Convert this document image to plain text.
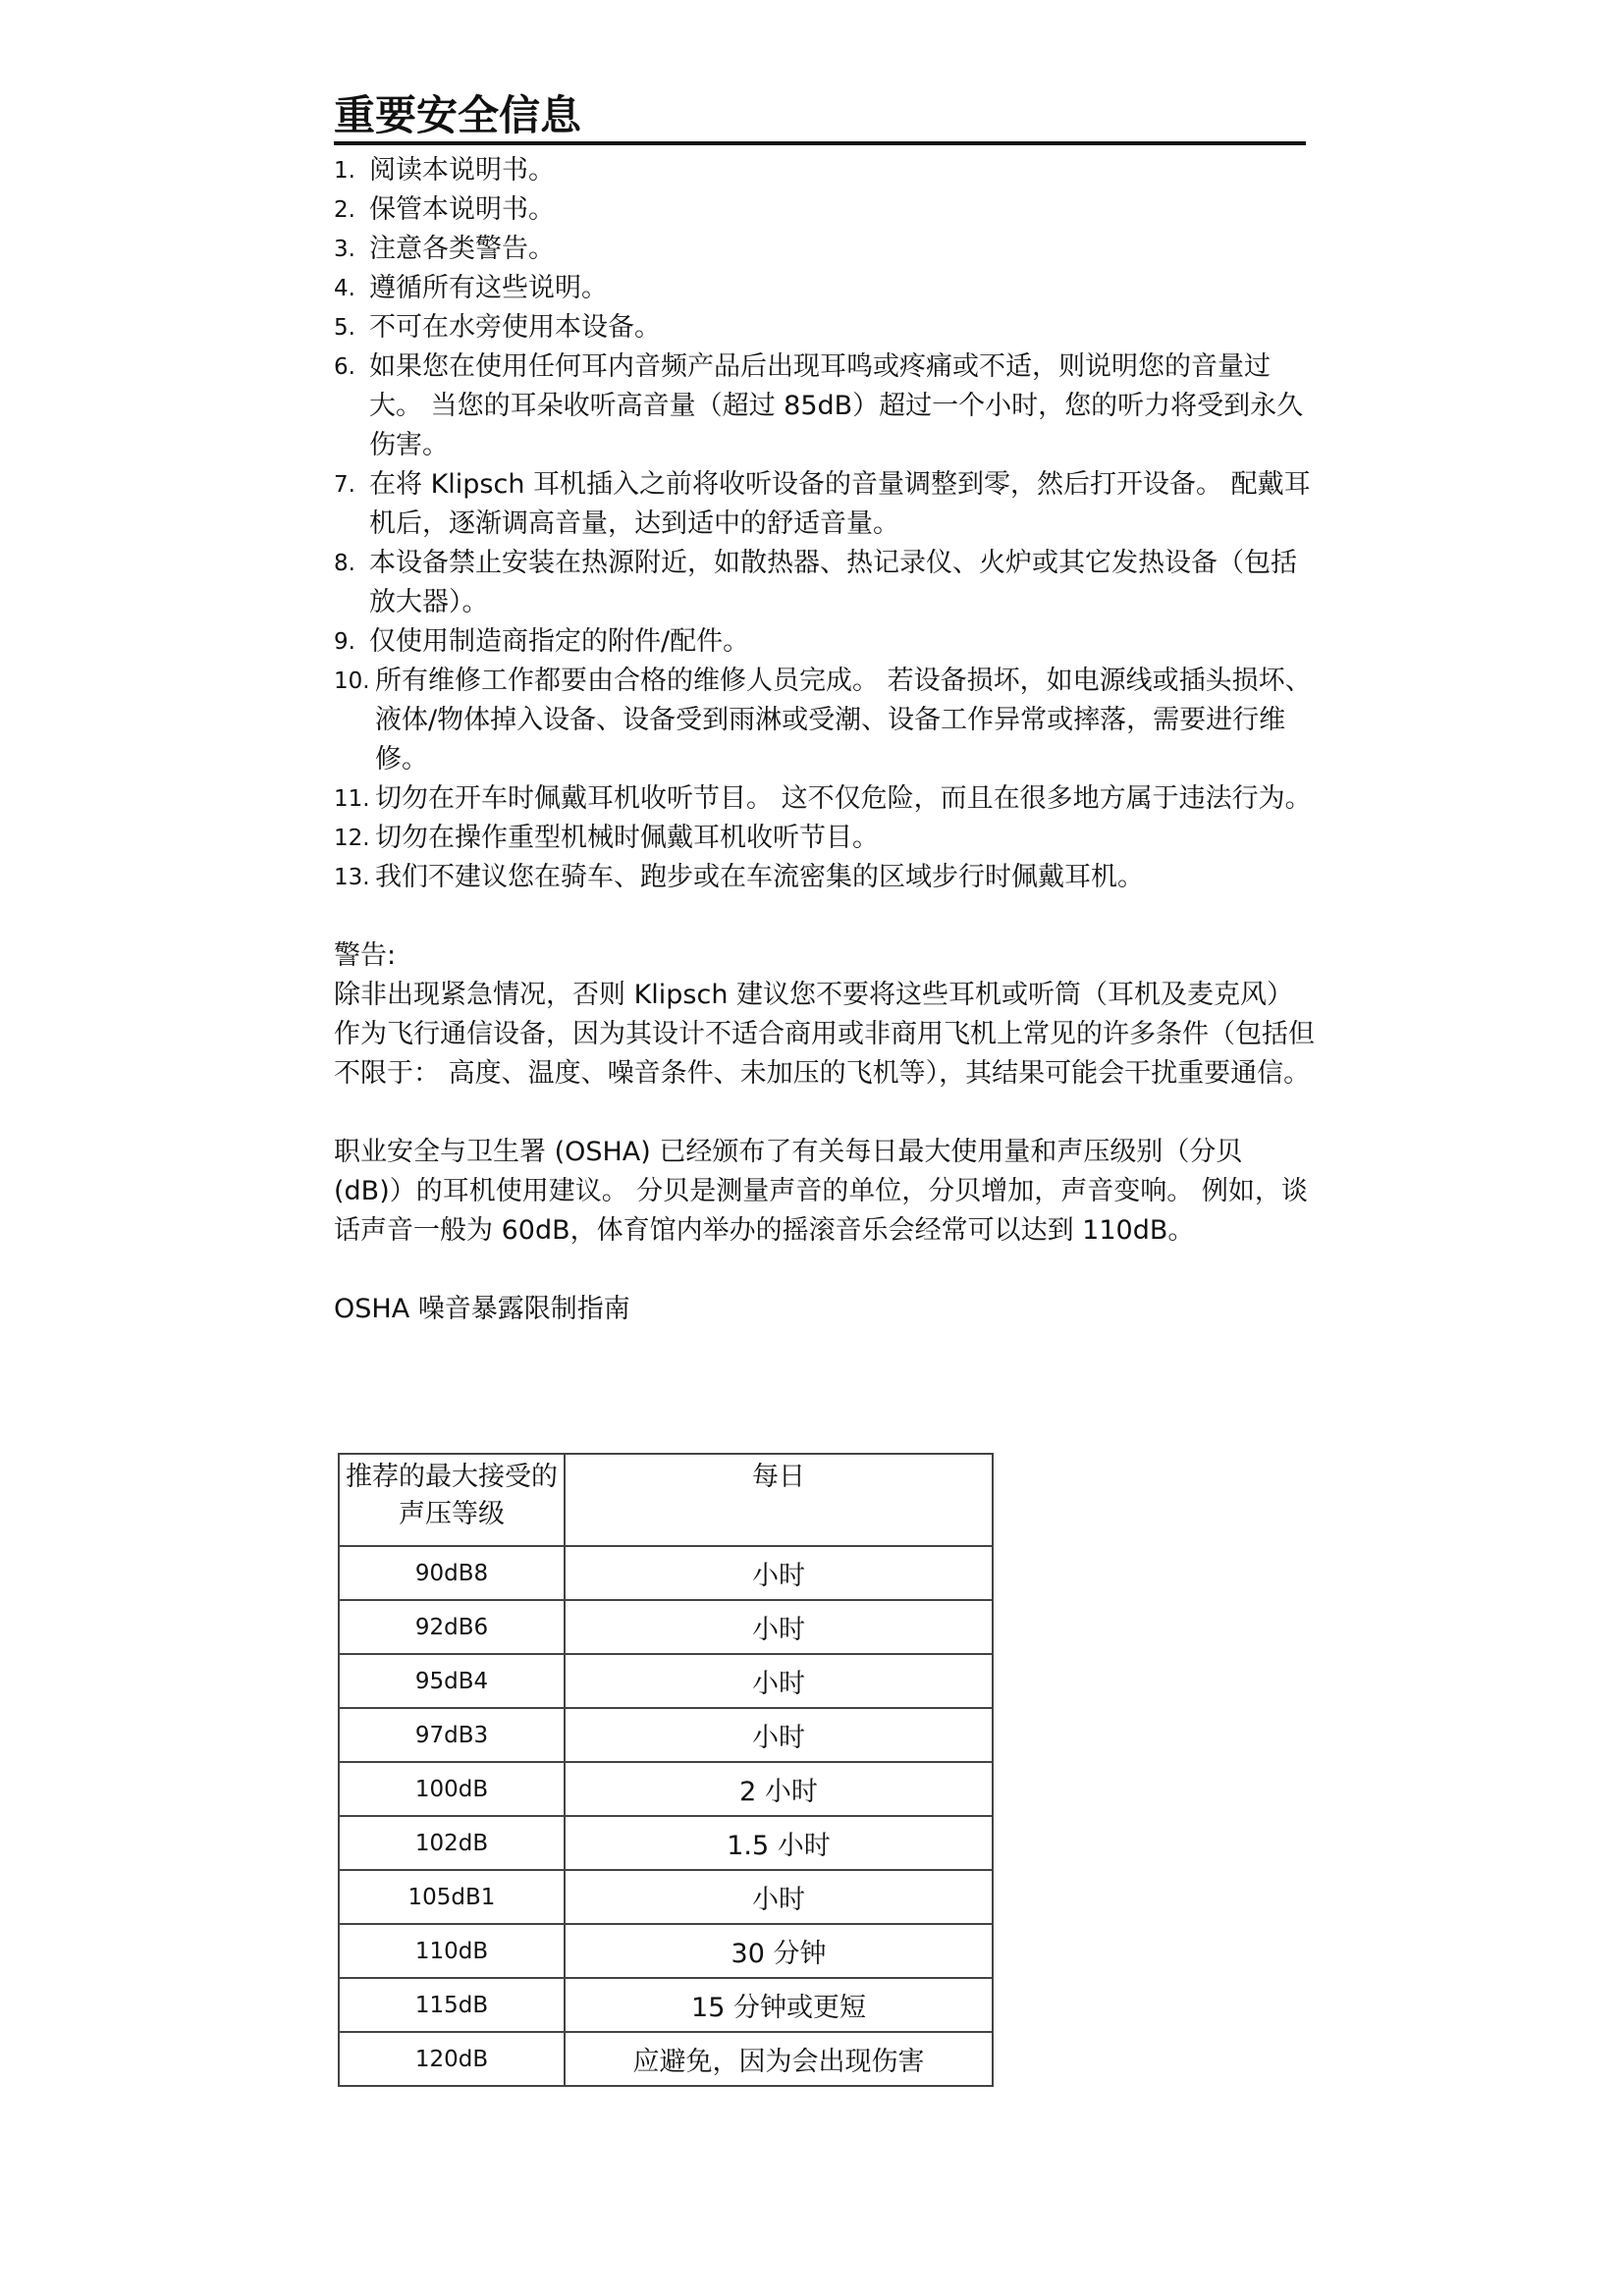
重要安全信息
1. 阅读本说明书。
2. 保管本说明书。
3. 注意各类警告。
4. 遵循所有这些说明。
5. 不可在水旁使用本设备。
6. 如果您在使用任何耳内音频产品后出现耳鸣或疼痛或不适，则说明您的音量过大。 当您的耳朵收听高音量（超过 85dB）超过一个小时，您的听力将受到永久伤害。
7. 在将 Klipsch 耳机插入之前将收听设备的音量调整到零，然后打开设备。 配戴耳机后，逐渐调高音量，达到适中的舒适音量。
8. 本设备禁止安装在热源附近，如散热器、热记录仪、火炉或其它发热设备（包括放大器）。
9. 仅使用制造商指定的附件/配件。
10. 所有维修工作都要由合格的维修人员完成。 若设备损坏，如电源线或插头损坏、液体/物体掉入设备、设备受到雨淋或受潮、设备工作异常或摔落，需要进行维修。
11. 切勿在开车时佩戴耳机收听节目。 这不仅危险，而且在很多地方属于违法行为。
12. 切勿在操作重型机械时佩戴耳机收听节目。
13. 我们不建议您在骑车、跑步或在车流密集的区域步行时佩戴耳机。
警告:
除非出现紧急情况，否则 Klipsch 建议您不要将这些耳机或听筒（耳机及麦克风）作为飞行通信设备，因为其设计不适合商用或非商用飞机上常见的许多条件（包括但不限于： 高度、温度、噪音条件、未加压的飞机等），其结果可能会干扰重要通信。
职业安全与卫生署 (OSHA) 已经颁布了有关每日最大使用量和声压级别（分贝 (dB)）的耳机使用建议。 分贝是测量声音的单位，分贝增加，声音变响。 例如，谈话声音一般为 60dB，体育馆内举办的摇滚音乐会经常可以达到 110dB。
OSHA 噪音暴露限制指南
推荐的最大接受的声压等级	每日
90dB8	小时
92dB6	小时
95dB4	小时
97dB3	小时
100dB	2 小时
102dB	1.5 小时
105dB1	小时
110dB	30 分钟
115dB	15 分钟或更短
120dB	应避免，因为会出现伤害
